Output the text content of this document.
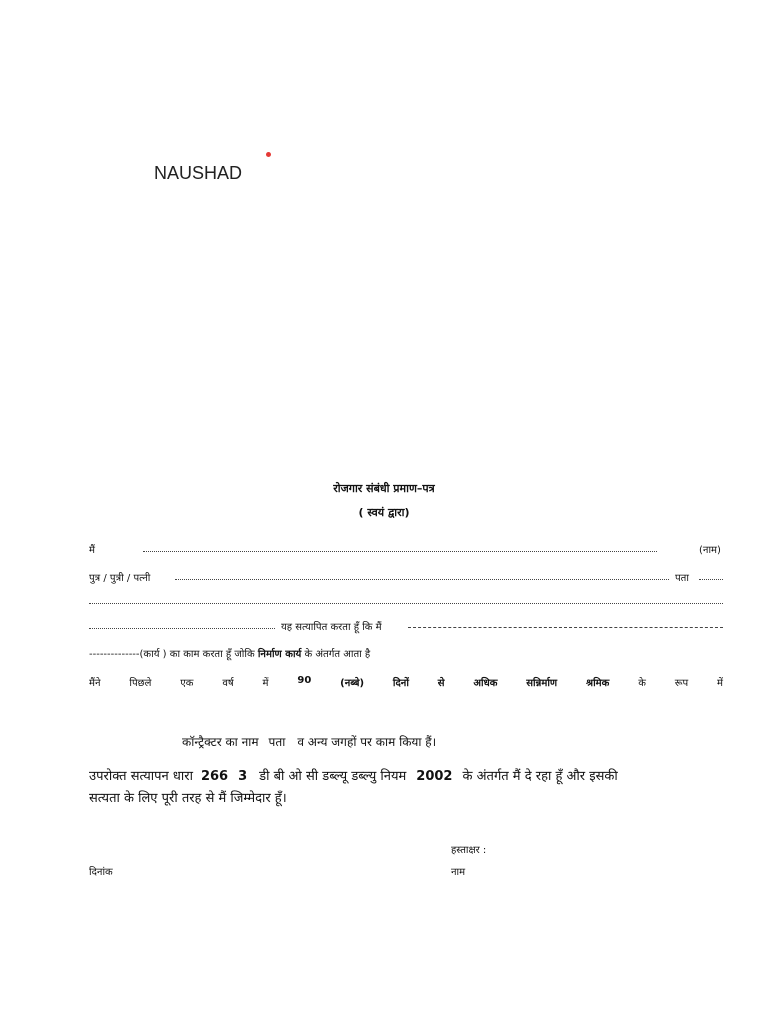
NAUSHAD
रोजगार संबंधी प्रमाण–पत्र
( स्वयं द्वारा)
मैं	(नाम)
पुत्र / पुत्री / पत्नी	पता
यह सत्यापित करता हूँ कि मैं
--------------(कार्य ) का काम करता हूँ जोकि निर्माण कार्य के अंतर्गत आता है
मैंने	पिछले	एक	वर्ष	में	90	(नब्बे)	दिनों	से	अधिक	सन्निर्माण	श्रमिक	के	रूप	में
कॉन्ट्रैक्टर का नाम पता व अन्य जगहों पर काम किया हैं।
उपरोक्त सत्यापन धारा 266 3 डी बी ओ सी डब्ल्यू डब्ल्यु नियम 2002 के अंतर्गत मैं दे रहा हूँ और इसकी
सत्यता के लिए पूरी तरह से मैं जिम्मेदार हूँ।
हस्ताक्षर :
दिनांक	नाम
